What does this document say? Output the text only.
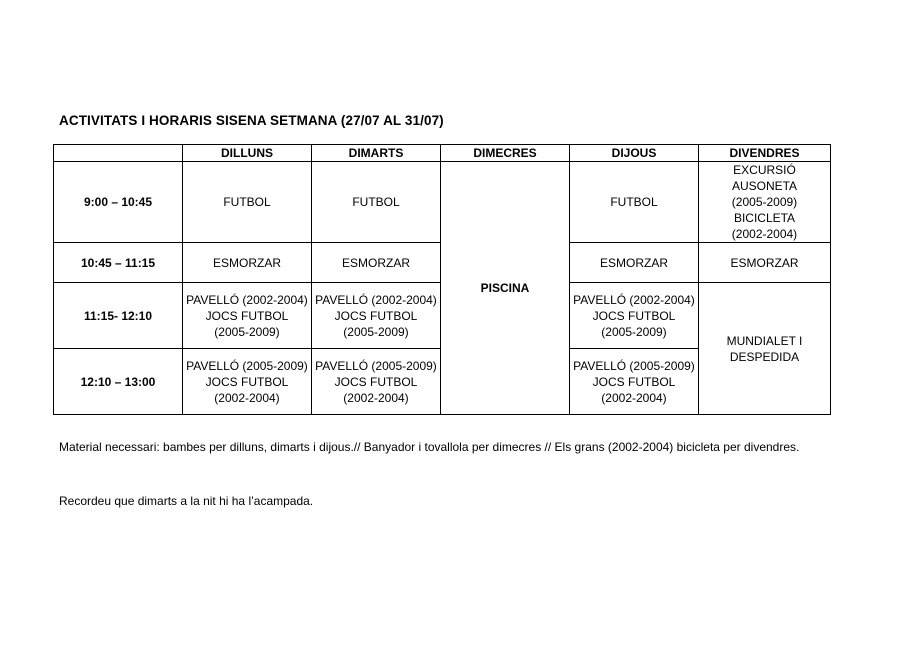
ACTIVITATS I HORARIS SISENA SETMANA (27/07 AL 31/07)
	DILLUNS	DIMARTS	DIMECRES	DIJOUS	DIVENDRES
9:00 – 10:45	FUTBOL	FUTBOL	PISCINA	FUTBOL	EXCURSIÓ AUSONETA
(2005-2009)
BICICLETA
(2002-2004)

10:45 – 11:15	ESMORZAR	ESMORZAR		ESMORZAR	ESMORZAR

11:15- 12:10	PAVELLÓ (2002-2004)
JOCS FUTBOL
(2005-2009)	PAVELLÓ (2002-2004)
JOCS FUTBOL
(2005-2009)		PAVELLÓ (2002-2004)
JOCS FUTBOL
(2005-2009)	MUNDIALET I
DESPEDIDA

12:10 – 13:00	PAVELLÓ (2005-2009)
JOCS FUTBOL
(2002-2004)	PAVELLÓ (2005-2009)
JOCS FUTBOL
(2002-2004)		PAVELLÓ (2005-2009)
JOCS FUTBOL
(2002-2004)	
Material necessari: bambes per dilluns, dimarts i dijous.// Banyador i tovallola per dimecres // Els grans (2002-2004) bicicleta per divendres.
Recordeu que dimarts a la nit hi ha l’acampada.
